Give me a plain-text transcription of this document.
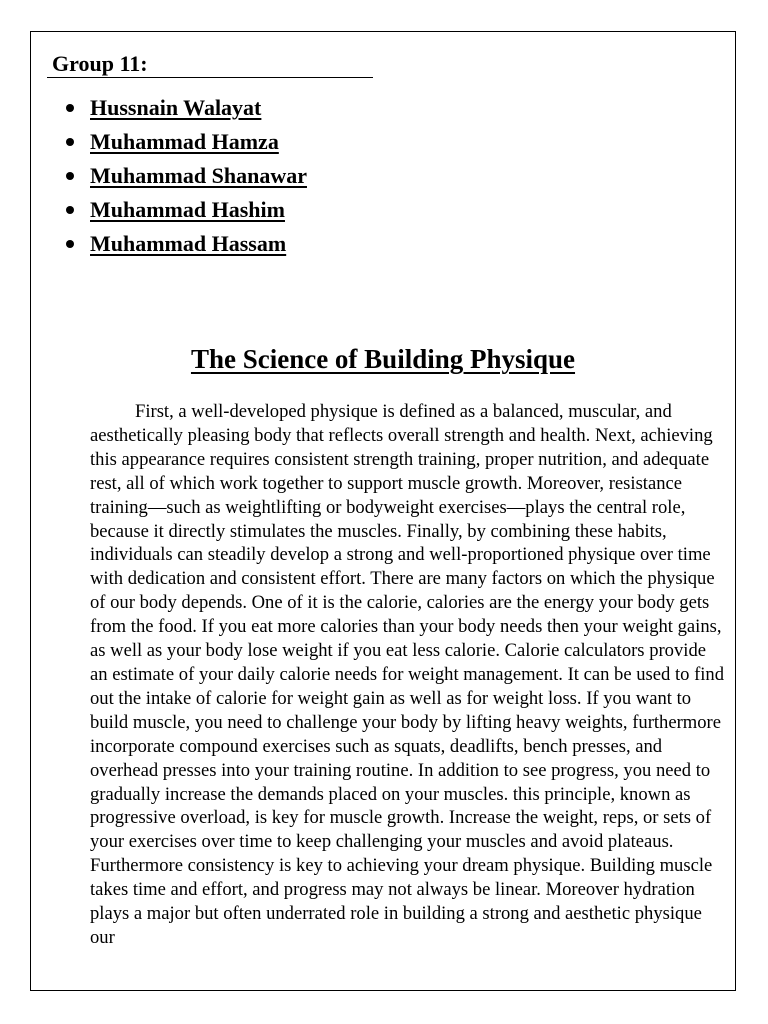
Group 11:
Hussnain Walayat
Muhammad Hamza
Muhammad Shanawar
Muhammad Hashim
Muhammad Hassam
The Science of Building Physique

First, a well-developed physique is defined as a balanced, muscular, and aesthetically pleasing body that reflects overall strength and health. Next, achieving this appearance requires consistent strength training, proper nutrition, and adequate rest, all of which work together to support muscle growth. Moreover, resistance training—such as weightlifting or bodyweight exercises—plays the central role, because it directly stimulates the muscles. Finally, by combining these habits, individuals can steadily develop a strong and well-proportioned physique over time with dedication and consistent effort. There are many factors on which the physique of our body depends. One of it is the calorie, calories are the energy your body gets from the food. If you eat more calories than your body needs then your weight gains, as well as your body lose weight if you eat less calorie. Calorie calculators provide an estimate of your daily calorie needs for weight management. It can be used to find out the intake of calorie for weight gain as well as for weight loss. If you want to build muscle, you need to challenge your body by lifting heavy weights, furthermore incorporate compound exercises such as squats, deadlifts, bench presses, and overhead presses into your training routine. In addition to see progress, you need to gradually increase the demands placed on your muscles. this principle, known as progressive overload, is key for muscle growth. Increase the weight, reps, or sets of your exercises over time to keep challenging your muscles and avoid plateaus. Furthermore consistency is key to achieving your dream physique. Building muscle takes time and effort, and progress may not always be linear. Moreover hydration plays a major but often underrated role in building a strong and aesthetic physique our
